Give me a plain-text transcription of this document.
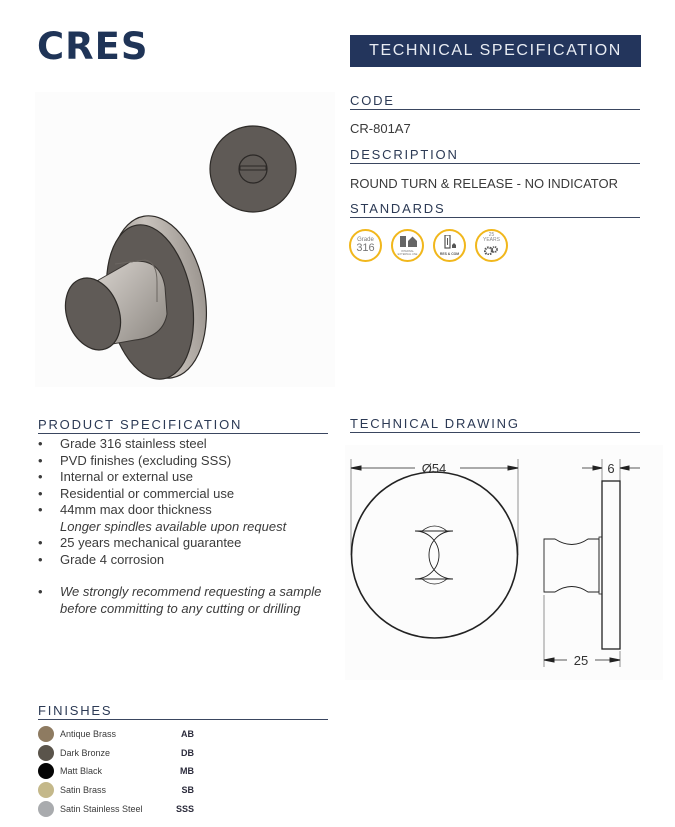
CRES	TECHNICAL SPECIFICATION
CODE
CR-801A7
DESCRIPTION
ROUND TURN & RELEASE - NO INDICATOR
STANDARDS
Grade
316	INTERNAL EXTERNAL USE	RES & COM
25
YEARS
PRODUCT SPECIFICATION
• Grade 316 stainless steel
• PVD finishes (excluding SSS)
• Internal or external use
• Residential or commercial use
• 44mm max door thickness
Longer spindles available upon request
• 25 years mechanical guarantee
• Grade 4 corrosion
• We strongly recommend requesting a sample before committing to any cutting or drilling
TECHNICAL DRAWING
Ø54	6
25
FINISHES
Antique Brass	AB
Dark Bronze	DB
Matt Black	MB
Satin Brass	SB
Satin Stainless Steel	SSS
